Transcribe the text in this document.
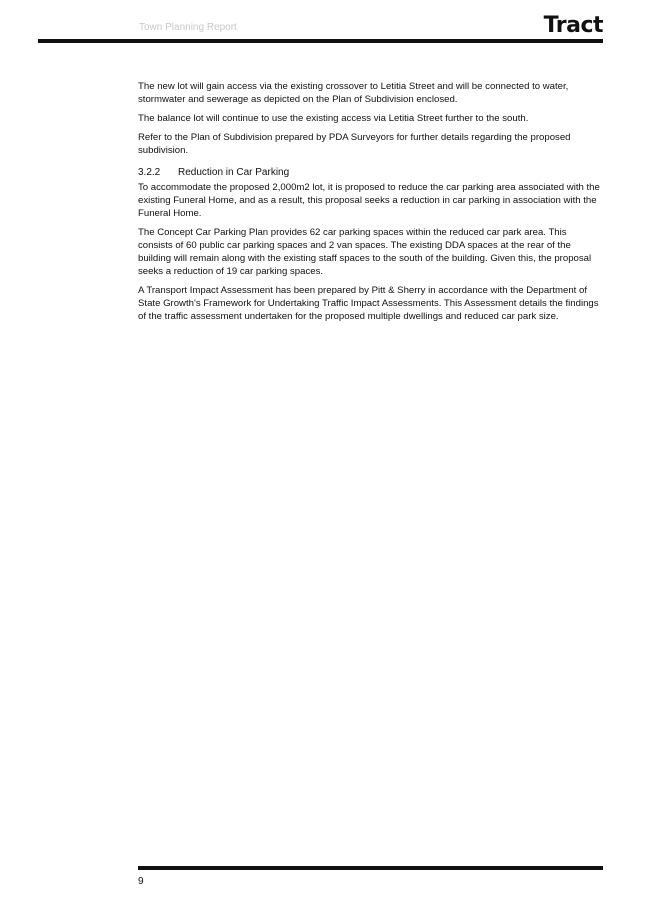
Town Planning Report	Tract

The new lot will gain access via the existing crossover to Letitia Street and will be connected to water, stormwater and sewerage as depicted on the Plan of Subdivision enclosed.

The balance lot will continue to use the existing access via Letitia Street further to the south.

Refer to the Plan of Subdivision prepared by PDA Surveyors for further details regarding the proposed subdivision.

3.2.2 Reduction in Car Parking

To accommodate the proposed 2,000m2 lot, it is proposed to reduce the car parking area associated with the existing Funeral Home, and as a result, this proposal seeks a reduction in car parking in association with the Funeral Home.

The Concept Car Parking Plan provides 62 car parking spaces within the reduced car park area. This consists of 60 public car parking spaces and 2 van spaces. The existing DDA spaces at the rear of the building will remain along with the existing staff spaces to the south of the building. Given this, the proposal seeks a reduction of 19 car parking spaces.

A Transport Impact Assessment has been prepared by Pitt & Sherry in accordance with the Department of State Growth's Framework for Undertaking Traffic Impact Assessments. This Assessment details the findings of the traffic assessment undertaken for the proposed multiple dwellings and reduced car park size.

9
